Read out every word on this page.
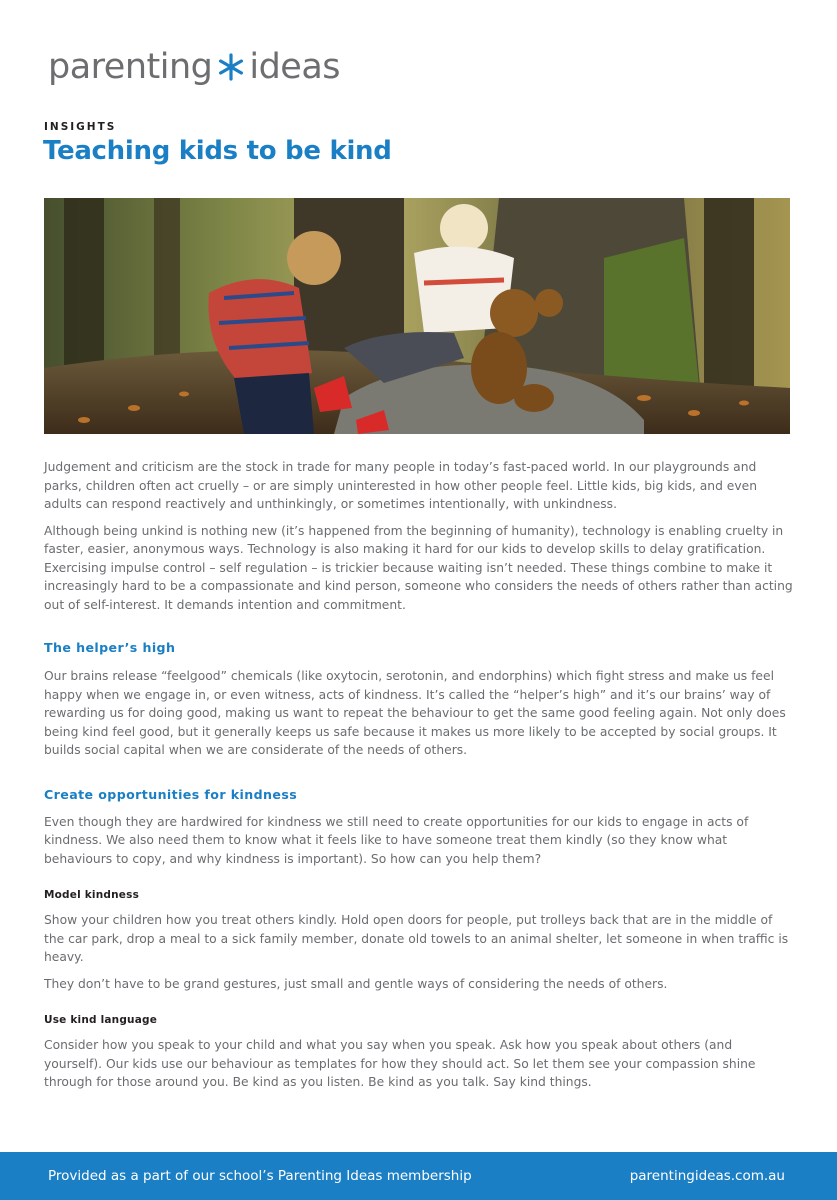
parenting ideas
INSIGHTS
Teaching kids to be kind

Judgement and criticism are the stock in trade for many people in today’s fast-paced world. In our playgrounds and parks, children often act cruelly – or are simply uninterested in how other people feel. Little kids, big kids, and even adults can respond reactively and unthinkingly, or sometimes intentionally, with unkindness.

Although being unkind is nothing new (it’s happened from the beginning of humanity), technology is enabling cruelty in faster, easier, anonymous ways. Technology is also making it hard for our kids to develop skills to delay gratification. Exercising impulse control – self regulation – is trickier because waiting isn’t needed. These things combine to make it increasingly hard to be a compassionate and kind person, someone who considers the needs of others rather than acting out of self-interest. It demands intention and commitment.

The helper’s high

Our brains release “feelgood” chemicals (like oxytocin, serotonin, and endorphins) which fight stress and make us feel happy when we engage in, or even witness, acts of kindness. It’s called the “helper’s high” and it’s our brains’ way of rewarding us for doing good, making us want to repeat the behaviour to get the same good feeling again. Not only does being kind feel good, but it generally keeps us safe because it makes us more likely to be accepted by social groups. It builds social capital when we are considerate of the needs of others.

Create opportunities for kindness

Even though they are hardwired for kindness we still need to create opportunities for our kids to engage in acts of kindness. We also need them to know what it feels like to have someone treat them kindly (so they know what behaviours to copy, and why kindness is important). So how can you help them?

Model kindness

Show your children how you treat others kindly. Hold open doors for people, put trolleys back that are in the middle of the car park, drop a meal to a sick family member, donate old towels to an animal shelter, let someone in when traffic is heavy.

They don’t have to be grand gestures, just small and gentle ways of considering the needs of others.

Use kind language

Consider how you speak to your child and what you say when you speak. Ask how you speak about others (and yourself). Our kids use our behaviour as templates for how they should act. So let them see your compassion shine through for those around you. Be kind as you listen. Be kind as you talk. Say kind things.

Provided as a part of our school’s Parenting Ideas membership	parentingideas.com.au
